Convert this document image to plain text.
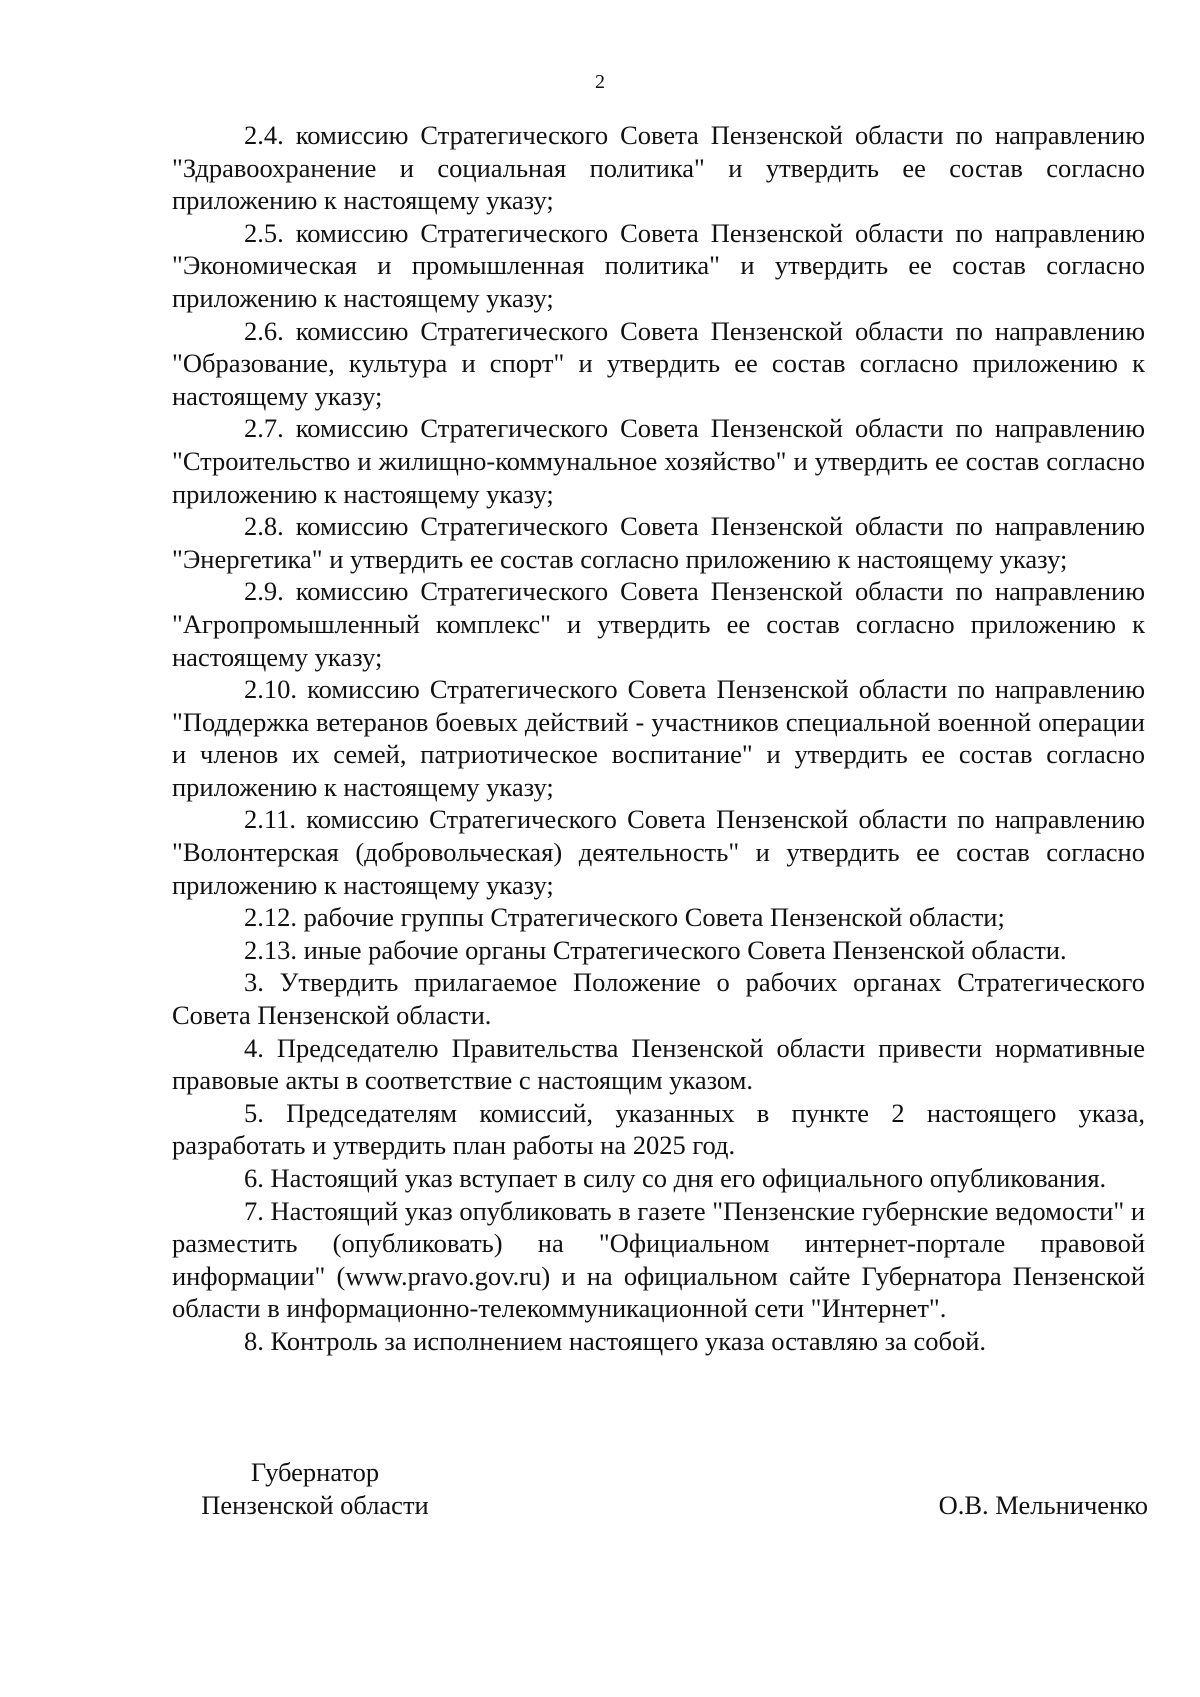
2

2.4. комиссию Стратегического Совета Пензенской области по направлению "Здравоохранение и социальная политика" и утвердить ее состав согласно приложению к настоящему указу;

2.5. комиссию Стратегического Совета Пензенской области по направлению "Экономическая и промышленная политика" и утвердить ее состав согласно приложению к настоящему указу;

2.6. комиссию Стратегического Совета Пензенской области по направлению "Образование, культура и спорт" и утвердить ее состав согласно приложению к настоящему указу;

2.7. комиссию Стратегического Совета Пензенской области по направлению "Строительство и жилищно-коммунальное хозяйство" и утвердить ее состав согласно приложению к настоящему указу;

2.8. комиссию Стратегического Совета Пензенской области по направлению "Энергетика" и утвердить ее состав согласно приложению к настоящему указу;

2.9. комиссию Стратегического Совета Пензенской области по направлению "Агропромышленный комплекс" и утвердить ее состав согласно приложению к настоящему указу;

2.10. комиссию Стратегического Совета Пензенской области по направлению "Поддержка ветеранов боевых действий - участников специальной военной операции и членов их семей, патриотическое воспитание" и утвердить ее состав согласно приложению к настоящему указу;

2.11. комиссию Стратегического Совета Пензенской области по направлению "Волонтерская (добровольческая) деятельность" и утвердить ее состав согласно приложению к настоящему указу;

2.12. рабочие группы Стратегического Совета Пензенской области;

2.13. иные рабочие органы Стратегического Совета Пензенской области.

3. Утвердить прилагаемое Положение о рабочих органах Стратегического Совета Пензенской области.

4. Председателю Правительства Пензенской области привести нормативные правовые акты в соответствие с настоящим указом.

5. Председателям комиссий, указанных в пункте 2 настоящего указа, разработать и утвердить план работы на 2025 год.

6. Настоящий указ вступает в силу со дня его официального опубликования.

7. Настоящий указ опубликовать в газете "Пензенские губернские ведомости" и разместить (опубликовать) на "Официальном интернет-портале правовой информации" (www.pravo.gov.ru) и на официальном сайте Губернатора Пензенской области в информационно-телекоммуникационной сети "Интернет".

8. Контроль за исполнением настоящего указа оставляю за собой.

Губернатор
Пензенской области	О.В. Мельниченко
